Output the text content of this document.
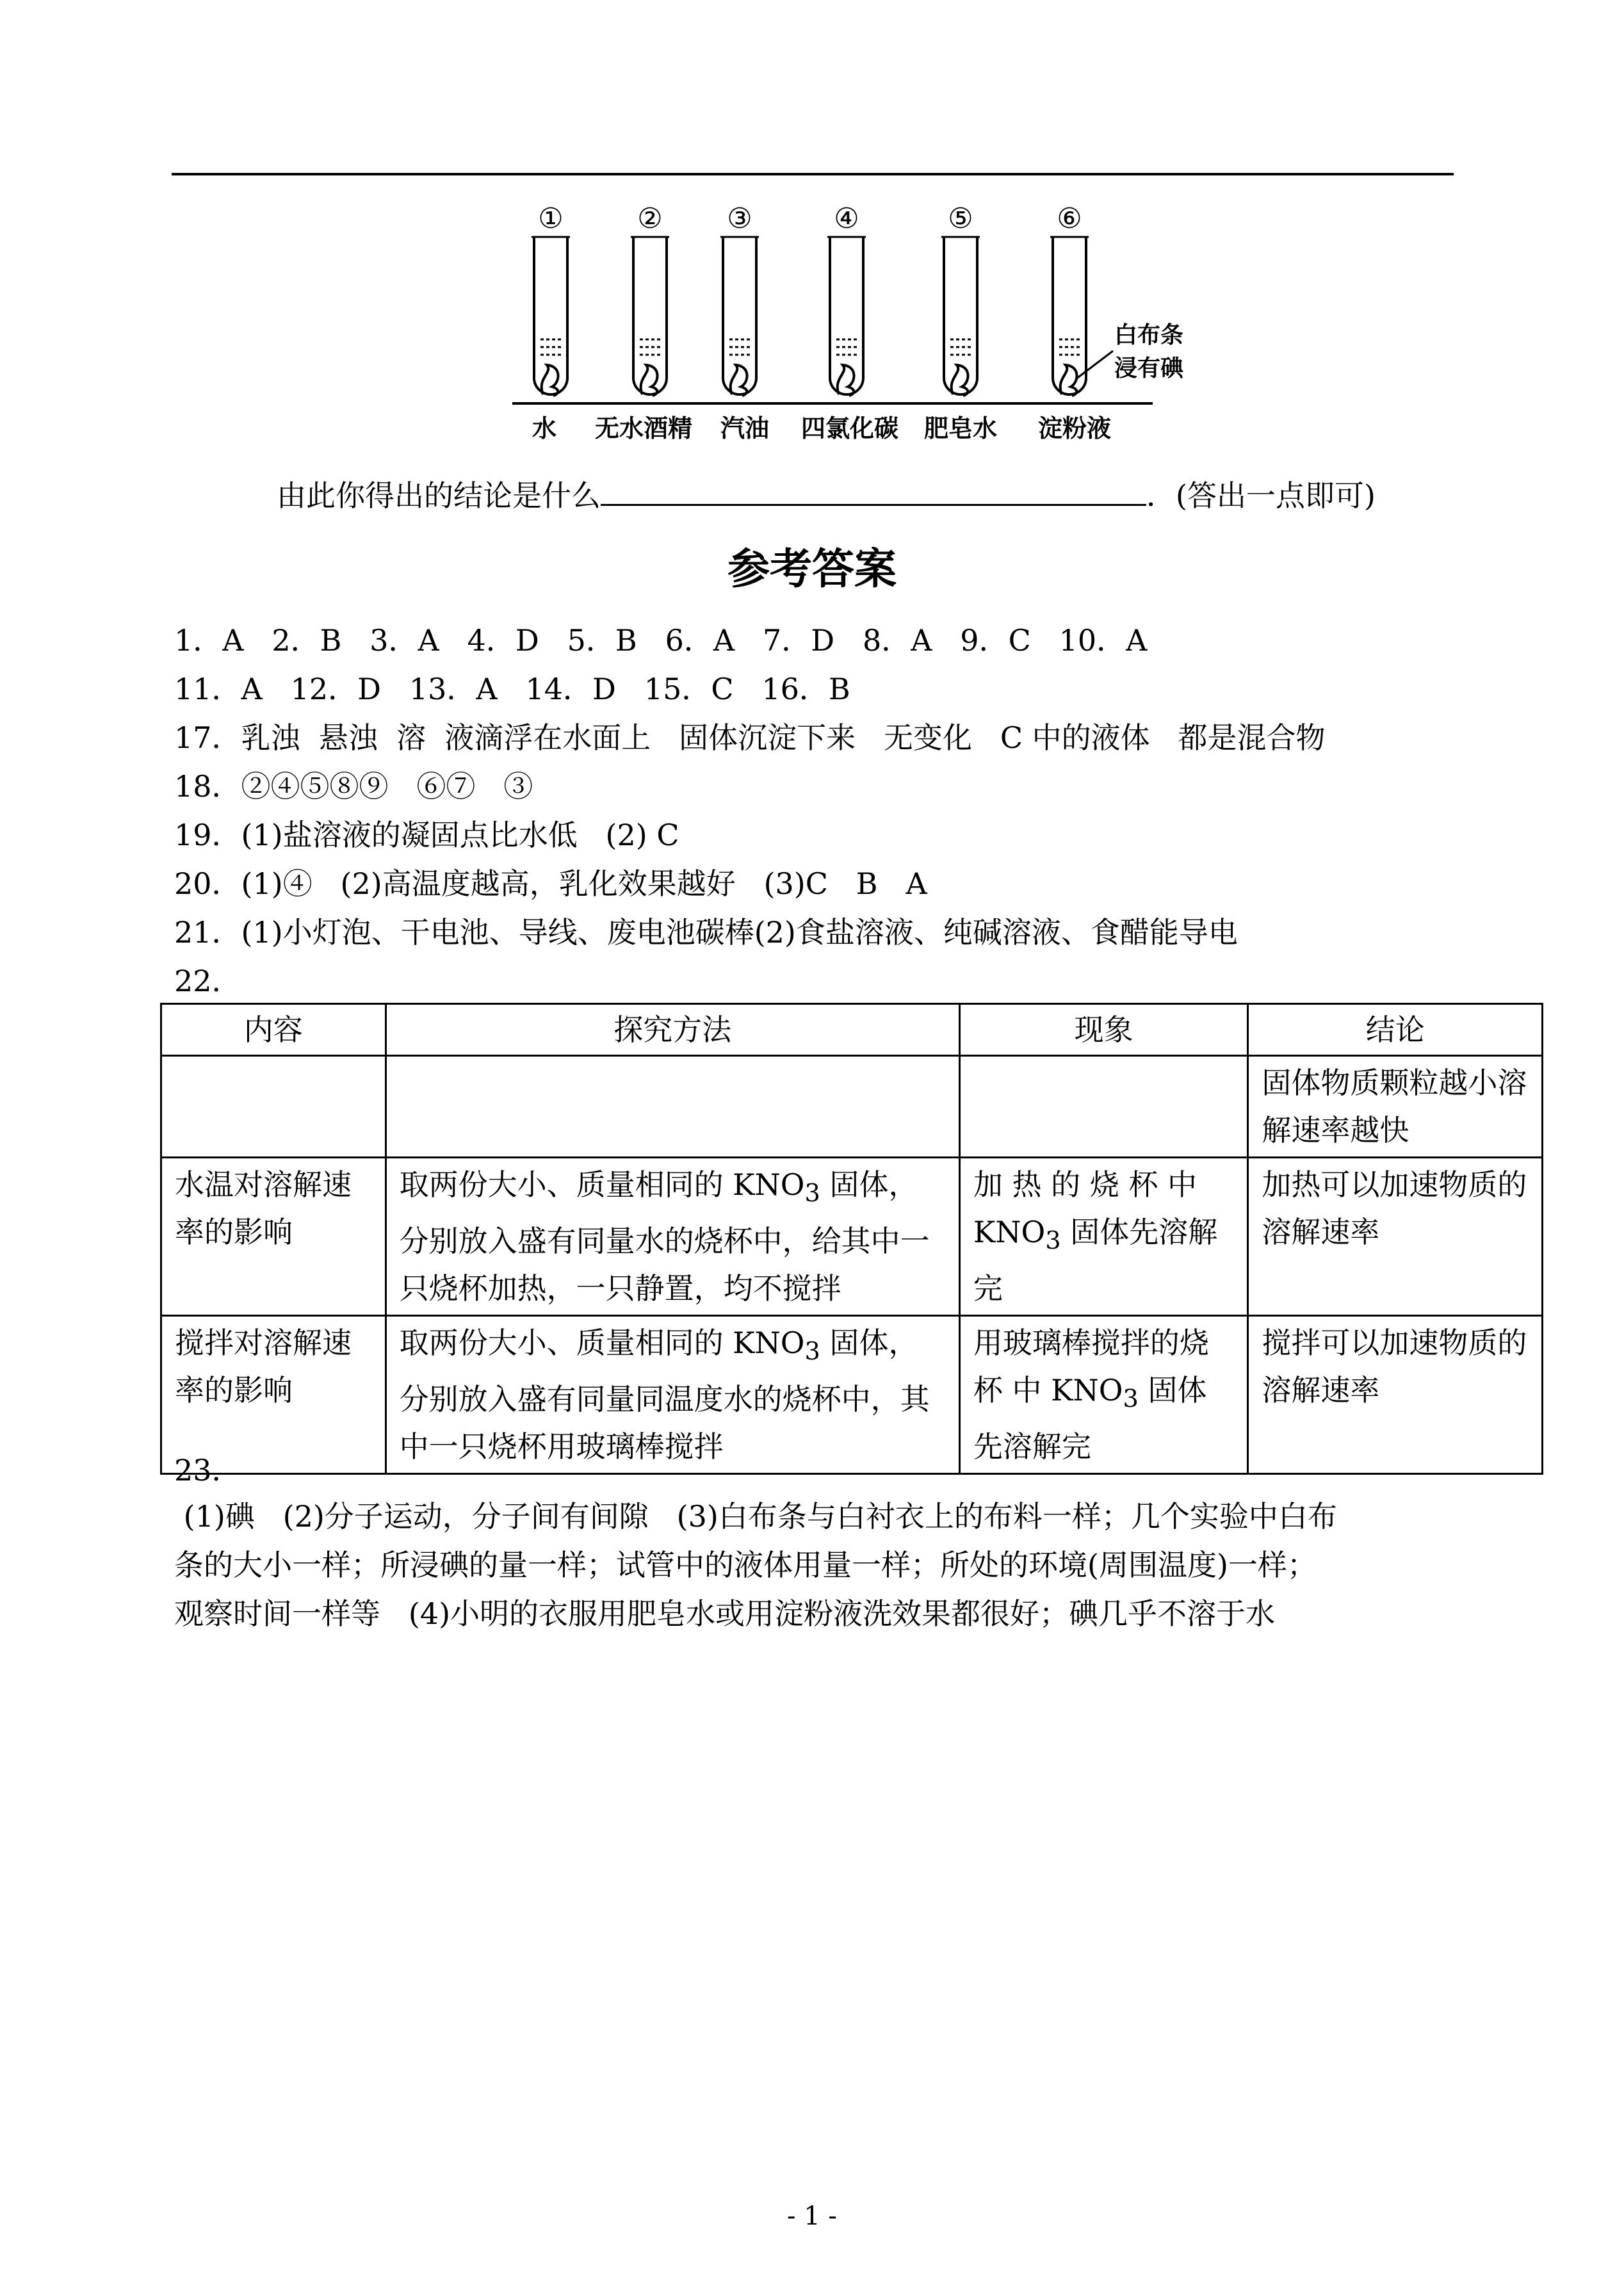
①	②	③	④	⑤	⑥
水 无水酒精 汽油 四氯化碳 肥皂水 淀粉液
白布条
浸有碘
由此你得出的结论是什么	．(答出一点即可)
参考答案
1．A   2．B   3．A   4．D   5．B   6．A   7．D   8．A   9．C   10．A
11．A   12．D   13．A   14．D   15．C   16．B
17．乳浊  悬浊  溶  液滴浮在水面上   固体沉淀下来   无变化   C 中的液体   都是混合物
18．②④⑤⑧⑨   ⑥⑦   ③
19．(1)盐溶液的凝固点比水低   (2) C
20．(1)④   (2)高温度越高，乳化效果越好   (3)C   B   A
21．(1)小灯泡、干电池、导线、废电池碳棒(2)食盐溶液、纯碱溶液、食醋能导电
22．
内容	探究方法	现象	结论
			固体物质颗粒越小溶解速率越快
水温对溶解速率的影响	取两份大小、质量相同的 $KNO_3$ 固体，分别放入盛有同量水的烧杯中，给其中一只烧杯加热，一只静置，均不搅拌	加 热 的 烧 杯 中 $KNO_3$ 固体先溶解完	加热可以加速物质的溶解速率
搅拌对溶解速率的影响	取两份大小、质量相同的 $KNO_3$ 固体，分别放入盛有同量同温度水的烧杯中，其中一只烧杯用玻璃棒搅拌	用玻璃棒搅拌的烧 杯 中 $KNO_3$ 固体先溶解完	搅拌可以加速物质的溶解速率
23．
(1)碘   (2)分子运动，分子间有间隙   (3)白布条与白衬衣上的布料一样；几个实验中白布
条的大小一样；所浸碘的量一样；试管中的液体用量一样；所处的环境(周围温度)一样；
观察时间一样等   (4)小明的衣服用肥皂水或用淀粉液洗效果都很好；碘几乎不溶于水
- 1 -
